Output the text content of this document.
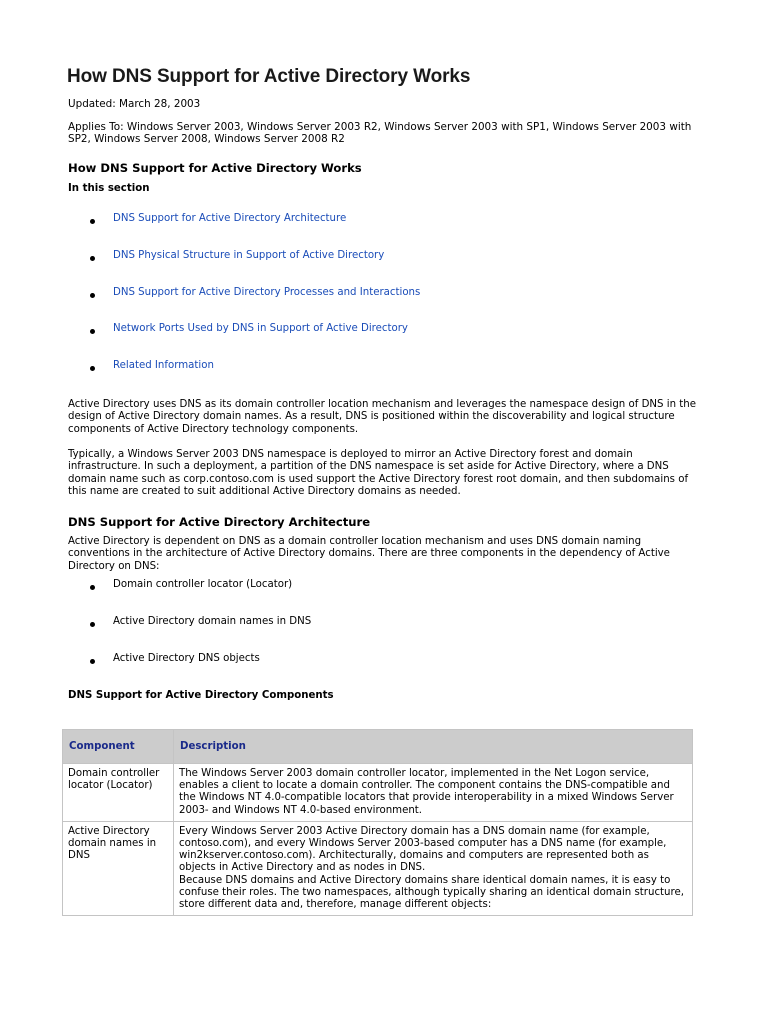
How DNS Support for Active Directory Works

Updated: March 28, 2003

Applies To: Windows Server 2003, Windows Server 2003 R2, Windows Server 2003 with SP1, Windows Server 2003 with SP2, Windows Server 2008, Windows Server 2008 R2

How DNS Support for Active Directory Works

In this section

DNS Support for Active Directory Architecture
DNS Physical Structure in Support of Active Directory
DNS Support for Active Directory Processes and Interactions
Network Ports Used by DNS in Support of Active Directory
Related Information

Active Directory uses DNS as its domain controller location mechanism and leverages the namespace design of DNS in the design of Active Directory domain names. As a result, DNS is positioned within the discoverability and logical structure components of Active Directory technology components.

Typically, a Windows Server 2003 DNS namespace is deployed to mirror an Active Directory forest and domain infrastructure. In such a deployment, a partition of the DNS namespace is set aside for Active Directory, where a DNS domain name such as corp.contoso.com is used support the Active Directory forest root domain, and then subdomains of this name are created to suit additional Active Directory domains as needed.

DNS Support for Active Directory Architecture

Active Directory is dependent on DNS as a domain controller location mechanism and uses DNS domain naming conventions in the architecture of Active Directory domains. There are three components in the dependency of Active Directory on DNS:

Domain controller locator (Locator)
Active Directory domain names in DNS
Active Directory DNS objects

DNS Support for Active Directory Components

Component	Description
Domain controller locator (Locator)	The Windows Server 2003 domain controller locator, implemented in the Net Logon service, enables a client to locate a domain controller. The component contains the DNS-compatible and the Windows NT 4.0-compatible locators that provide interoperability in a mixed Windows Server 2003- and Windows NT 4.0-based environment.
Active Directory domain names in DNS	Every Windows Server 2003 Active Directory domain has a DNS domain name (for example, contoso.com), and every Windows Server 2003-based computer has a DNS name (for example, win2kserver.contoso.com). Architecturally, domains and computers are represented both as objects in Active Directory and as nodes in DNS.
Because DNS domains and Active Directory domains share identical domain names, it is easy to confuse their roles. The two namespaces, although typically sharing an identical domain structure, store different data and, therefore, manage different objects:
